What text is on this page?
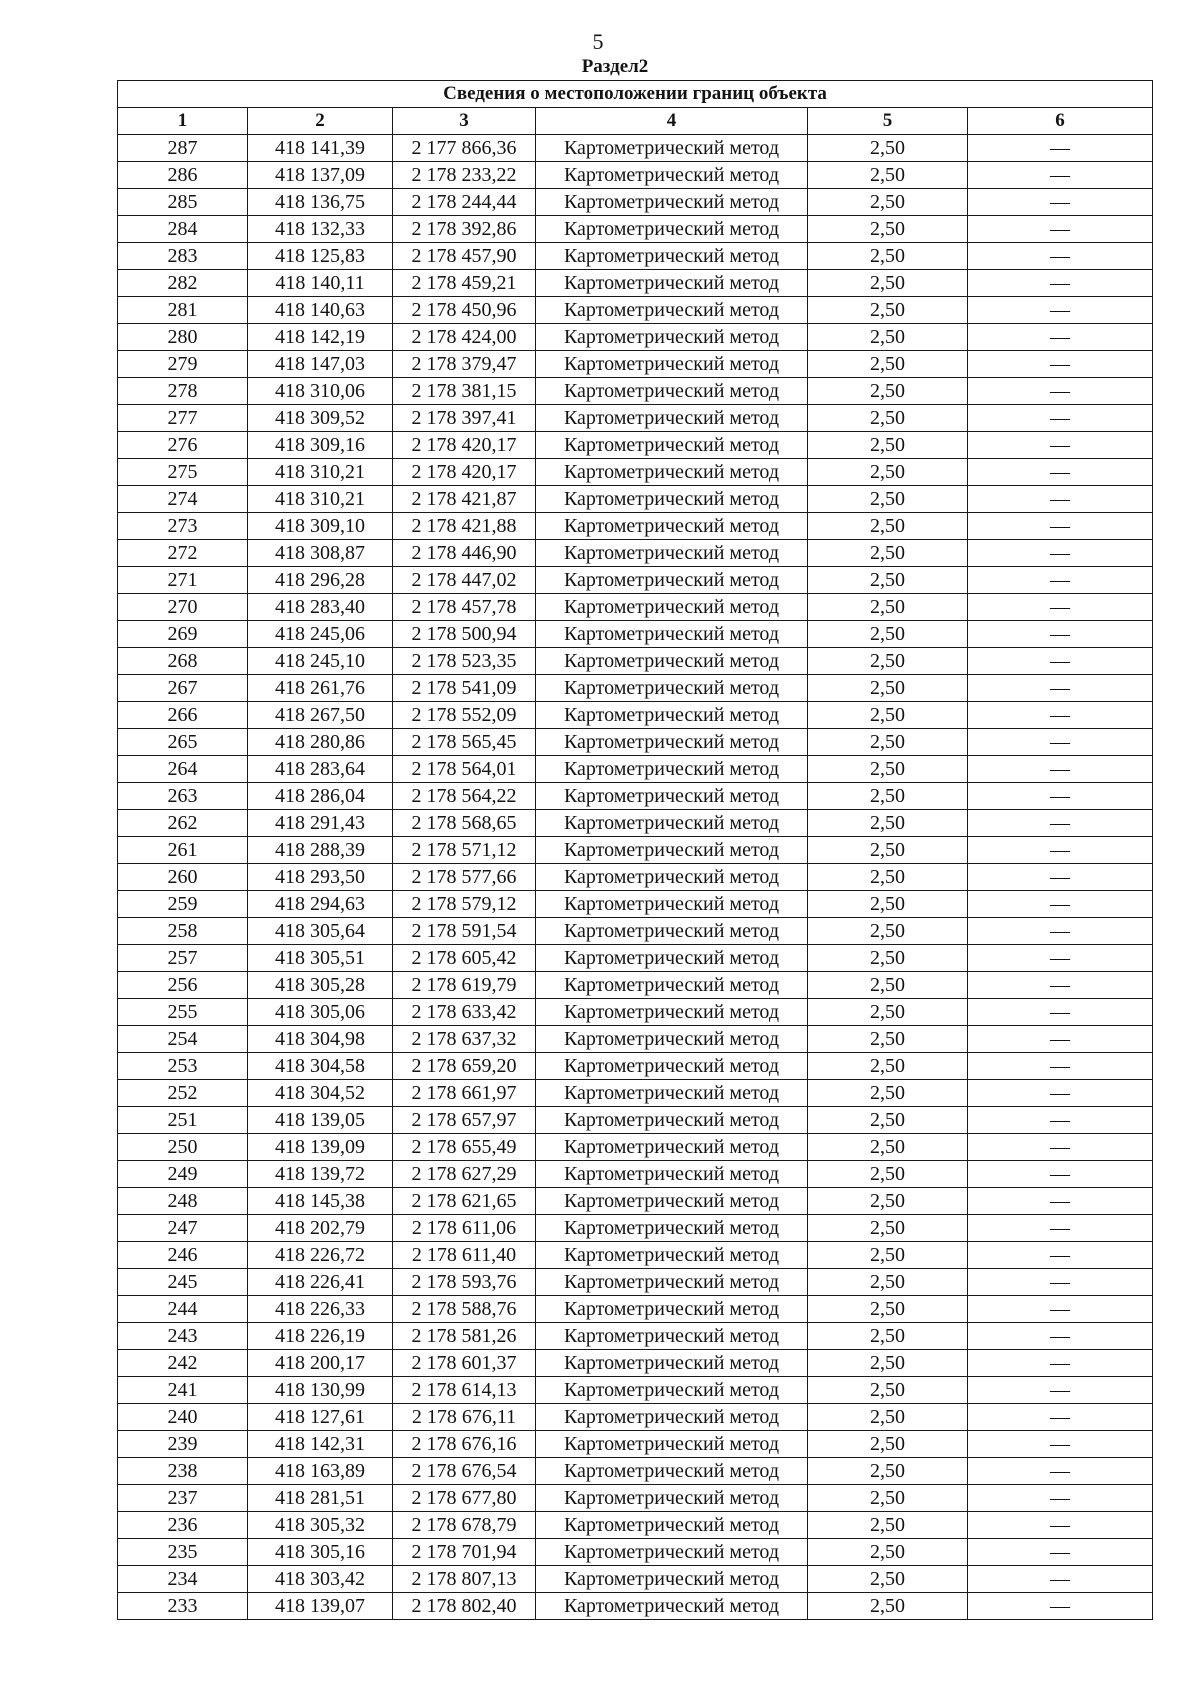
5
Раздел2
Сведения о местоположении границ объекта					
1	2	3	4	5	6
287	418 141,39	2 177 866,36	Картометрический метод	2,50	—
286	418 137,09	2 178 233,22	Картометрический метод	2,50	—
285	418 136,75	2 178 244,44	Картометрический метод	2,50	—
284	418 132,33	2 178 392,86	Картометрический метод	2,50	—
283	418 125,83	2 178 457,90	Картометрический метод	2,50	—
282	418 140,11	2 178 459,21	Картометрический метод	2,50	—
281	418 140,63	2 178 450,96	Картометрический метод	2,50	—
280	418 142,19	2 178 424,00	Картометрический метод	2,50	—
279	418 147,03	2 178 379,47	Картометрический метод	2,50	—
278	418 310,06	2 178 381,15	Картометрический метод	2,50	—
277	418 309,52	2 178 397,41	Картометрический метод	2,50	—
276	418 309,16	2 178 420,17	Картометрический метод	2,50	—
275	418 310,21	2 178 420,17	Картометрический метод	2,50	—
274	418 310,21	2 178 421,87	Картометрический метод	2,50	—
273	418 309,10	2 178 421,88	Картометрический метод	2,50	—
272	418 308,87	2 178 446,90	Картометрический метод	2,50	—
271	418 296,28	2 178 447,02	Картометрический метод	2,50	—
270	418 283,40	2 178 457,78	Картометрический метод	2,50	—
269	418 245,06	2 178 500,94	Картометрический метод	2,50	—
268	418 245,10	2 178 523,35	Картометрический метод	2,50	—
267	418 261,76	2 178 541,09	Картометрический метод	2,50	—
266	418 267,50	2 178 552,09	Картометрический метод	2,50	—
265	418 280,86	2 178 565,45	Картометрический метод	2,50	—
264	418 283,64	2 178 564,01	Картометрический метод	2,50	—
263	418 286,04	2 178 564,22	Картометрический метод	2,50	—
262	418 291,43	2 178 568,65	Картометрический метод	2,50	—
261	418 288,39	2 178 571,12	Картометрический метод	2,50	—
260	418 293,50	2 178 577,66	Картометрический метод	2,50	—
259	418 294,63	2 178 579,12	Картометрический метод	2,50	—
258	418 305,64	2 178 591,54	Картометрический метод	2,50	—
257	418 305,51	2 178 605,42	Картометрический метод	2,50	—
256	418 305,28	2 178 619,79	Картометрический метод	2,50	—
255	418 305,06	2 178 633,42	Картометрический метод	2,50	—
254	418 304,98	2 178 637,32	Картометрический метод	2,50	—
253	418 304,58	2 178 659,20	Картометрический метод	2,50	—
252	418 304,52	2 178 661,97	Картометрический метод	2,50	—
251	418 139,05	2 178 657,97	Картометрический метод	2,50	—
250	418 139,09	2 178 655,49	Картометрический метод	2,50	—
249	418 139,72	2 178 627,29	Картометрический метод	2,50	—
248	418 145,38	2 178 621,65	Картометрический метод	2,50	—
247	418 202,79	2 178 611,06	Картометрический метод	2,50	—
246	418 226,72	2 178 611,40	Картометрический метод	2,50	—
245	418 226,41	2 178 593,76	Картометрический метод	2,50	—
244	418 226,33	2 178 588,76	Картометрический метод	2,50	—
243	418 226,19	2 178 581,26	Картометрический метод	2,50	—
242	418 200,17	2 178 601,37	Картометрический метод	2,50	—
241	418 130,99	2 178 614,13	Картометрический метод	2,50	—
240	418 127,61	2 178 676,11	Картометрический метод	2,50	—
239	418 142,31	2 178 676,16	Картометрический метод	2,50	—
238	418 163,89	2 178 676,54	Картометрический метод	2,50	—
237	418 281,51	2 178 677,80	Картометрический метод	2,50	—
236	418 305,32	2 178 678,79	Картометрический метод	2,50	—
235	418 305,16	2 178 701,94	Картометрический метод	2,50	—
234	418 303,42	2 178 807,13	Картометрический метод	2,50	—
233	418 139,07	2 178 802,40	Картометрический метод	2,50	—
